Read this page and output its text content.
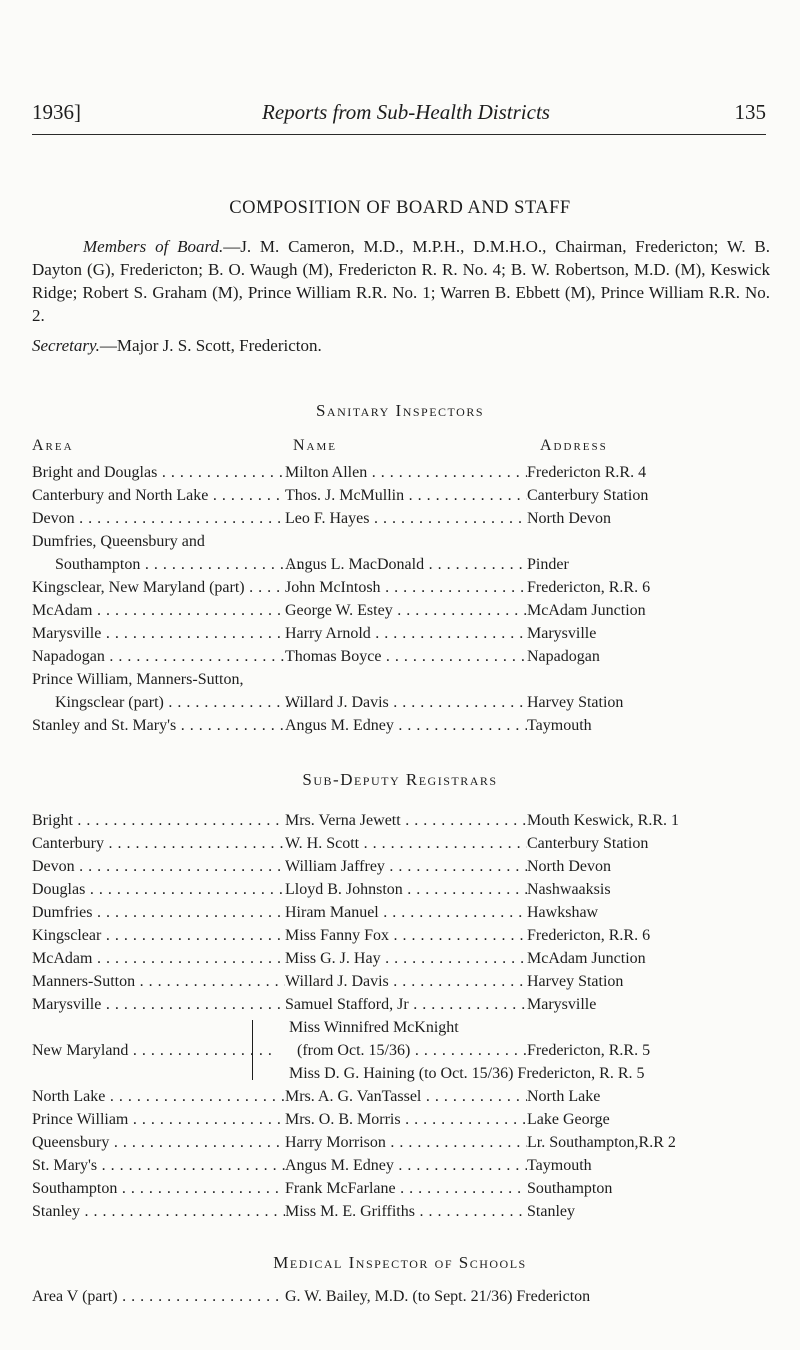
1936]	Reports from Sub-Health Districts	135
COMPOSITION OF BOARD AND STAFF
Members of Board.—J. M. Cameron, M.D., M.P.H., D.M.H.O., Chairman, Fredericton; W. B. Dayton (G), Fredericton; B. O. Waugh (M), Fredericton R. R. No. 4; B. W. Robertson, M.D. (M), Keswick Ridge; Robert S. Graham (M), Prince William R.R. No. 1; Warren B. Ebbett (M), Prince William R.R. No. 2.
Secretary.—Major J. S. Scott, Fredericton.
Sanitary Inspectors
Area	Name	Address
Bright and Douglas . . .	Milton Allen . . .	Fredericton R.R. 4
Canterbury and North Lake . . .	Thos. J. McMullin . . .	Canterbury Station
Devon . . .	Leo F. Hayes . . .	North Devon
Dumfries, Queensbury and
Southampton . . .	Angus L. MacDonald . . .	Pinder
Kingsclear, New Maryland (part) . . .	John McIntosh . . .	Fredericton, R.R. 6
McAdam . . .	George W. Estey . . .	McAdam Junction
Marysville . . .	Harry Arnold . . .	Marysville
Napadogan . . .	Thomas Boyce . . .	Napadogan
Prince William, Manners-Sutton,
Kingsclear (part) . . .	Willard J. Davis . . .	Harvey Station
Stanley and St. Mary's . . .	Angus M. Edney . . .	Taymouth
Sub-Deputy Registrars
Bright . . .	Mrs. Verna Jewett . . .	Mouth Keswick, R.R. 1
Canterbury . . .	W. H. Scott . . .	Canterbury Station
Devon . . .	William Jaffrey . . .	North Devon
Douglas . . .	Lloyd B. Johnston . . .	Nashwaaksis
Dumfries . . .	Hiram Manuel . . .	Hawkshaw
Kingsclear . . .	Miss Fanny Fox . . .	Fredericton, R.R. 6
McAdam . . .	Miss G. J. Hay . . .	McAdam Junction
Manners-Sutton . . .	Willard J. Davis . . .	Harvey Station
Marysville . . .	Samuel Stafford, Jr . . .	Marysville
Miss Winnifred McKnight
New Maryland . . .	(from Oct. 15/36) . . .	Fredericton, R.R. 5
Miss D. G. Haining (to Oct. 15/36) Fredericton, R. R. 5
North Lake . . .	Mrs. A. G. VanTassel . . .	North Lake
Prince William . . .	Mrs. O. B. Morris . . .	Lake George
Queensbury . . .	Harry Morrison . . .	Lr. Southampton,R.R 2
St. Mary's . . .	Angus M. Edney . . .	Taymouth
Southampton . . .	Frank McFarlane . . .	Southampton
Stanley . . .	Miss M. E. Griffiths . . .	Stanley
Medical Inspector of Schools
Area V (part) . . .	G. W. Bailey, M.D. (to Sept. 21/36) Fredericton
